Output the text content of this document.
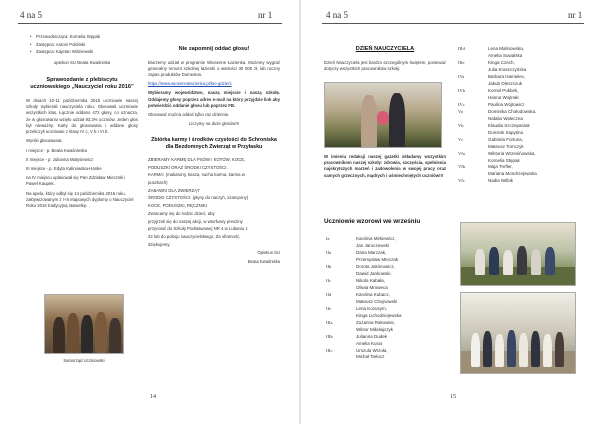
4 na 5	nr 1
• Przewodnicząca: Kornelia Stępak
• Zastępca: Antoni Pokiński
• Zastępca: Kajetan Wiśniewski

opiekun SU Beata Kwaśniska

Sprawozdanie z plebiscytu uczniowskiego „Nauczyciel roku 2016”

W dniach 10-11 października 2016 uczniowie naszej szkoły wybierali nauczyciela roku. Głosowali uczniowie wszystkich klas. Łącznie oddano 472 głosy, co oznacza, że w głosowaniu wzięło udział 93,3% uczniów. Jeden głos był nieważny. Karty do głosowania i oddane głosy przeliczyli uczniowie z klasy IV c, V b i VI b.

Wyniki głosowania:

I miejsce - p. Beata Kwaśnieska

II miejsce - p. Julianna Matysiewicz

III miejsce - p. Edyta Kalinowska-Hanke

na IV miejscu uplasował się Pan Zdzisław Mieczski i Paweł Kaupek.

Na apelu, który odbył się 14 października 2016 roku, zaktywizowanym z I-III etapowych dyplomy o Nauczyciel Roku 2016 tradycyjną statuetkę.

Samorząd Uczniowski
Nie zapomnij oddać głosu!

Biorzemy udział w programie Wiosenne Łazienka. Możemy wygrać generalny remont szkolnej łazienki o wartości 30 000 zł, lub roczny zapas produktów Domestos.

https://www.wiosennalazienka.pl/kto-gdzie/x

Wybieramy województwo, naszą miejscie i naszą szkołę. Oddajemy głosy poprzez adres e-mail na który przyjdzie link aby potwierdzić oddanie głosu lub poprzez FB.

Głosować można oddać tylko raz dziennie.

Liczymy na duże głosów!!!

Zbiórka karmy i środków czystości do Schroniska dla Bezdomnych Zwierząt w Przyłasku

ZBIERAMY KARMĘ DLA PSÓW I KOTÓW, KOCE,

PODUSZKI ORAZ ŚRODKI CZYSTOŚCI.

KARMA: (makarony, kasza, sucha karma, karma w

puszkach)

ZABAWKI DLA ZWIERZĄT

ŚRODKI CZYSTOŚCI: (płyny do naczyń, szampony)

KOCE, PODUSZKI, RĘCZNIKI

Zwracamy się do rodzic dzieci, aby

przyjrzeli się do naszej akcji, w wtorkowy presziny

przynosić do Szkoły Podstawowej NR 4 w Lubaniu z

22 lub do pokoju nauczycielskiego. Za ofiarność,

dziękujemy.

Opiekun SU

Beata Kwaśniska

14
4 na 5	nr 1
DZIEŃ NAUCZYCIELA

Dzień Nauczyciela jest bardzo szczególnym świętem, ponieważ dotyczy wszystkich pracowników szkoły.

W imieniu redakcji naszej gazetki składamy wszystkim pracownikom naszej szkoły: zdrowia, szczęścia, spełnienia najskrytszych marzeń i zadowolenia w swojej pracy oraz samych grzecznych, mądrych i uśmiechniętych uczniów!!!

Uczniowie wzorowi we wrześniu
Ia	Karolina Mirkiewicz,
Jan Jaroczewski
IIa	Daria Marczak,
Przemysław Mieczak
IIb	Dorota Jakimowicz,
Dawid Jankowski
IIc	Nikola Kabała,
Oliwia Mroweca
IId	Karolina Kubacz,
Mateusz Chojnowski
IIe	Lena Kozusym,
Kinga Lichodziejewska
IIIa	Zuzanna Rakowiec,
Wiktor Mikołajczyk
IIIb	Julianna Dudek
Amelia Kusio
IIIc	Urszula Wrzoła,
Michał Tarłocz
IIId	Lena Malinowska,
Amelia Suwalska
IIIe	Kinga Czech,
Julia Kraszczyńska
IVa	Barbara Hamielec,
Jakub Oleszczuk
IVb	Kornel Pokbek,
Hanna Wojtnak
IVc	Paulina Wójtowicz
Va	Dominika Chołodowska,
Natalia Waleczna
Vb	Klaudia Szczepaniak
Dominik Sapytina
Vc	Gabriela Fortuna,
Mateusz Tomczyk
VIa	Wiktoria Wrzesińowska,
Kornelia Stępak
VIb	Maja Trefler,
Mariana Mondrzejewska
VIc	Nadia Wilbik
15
